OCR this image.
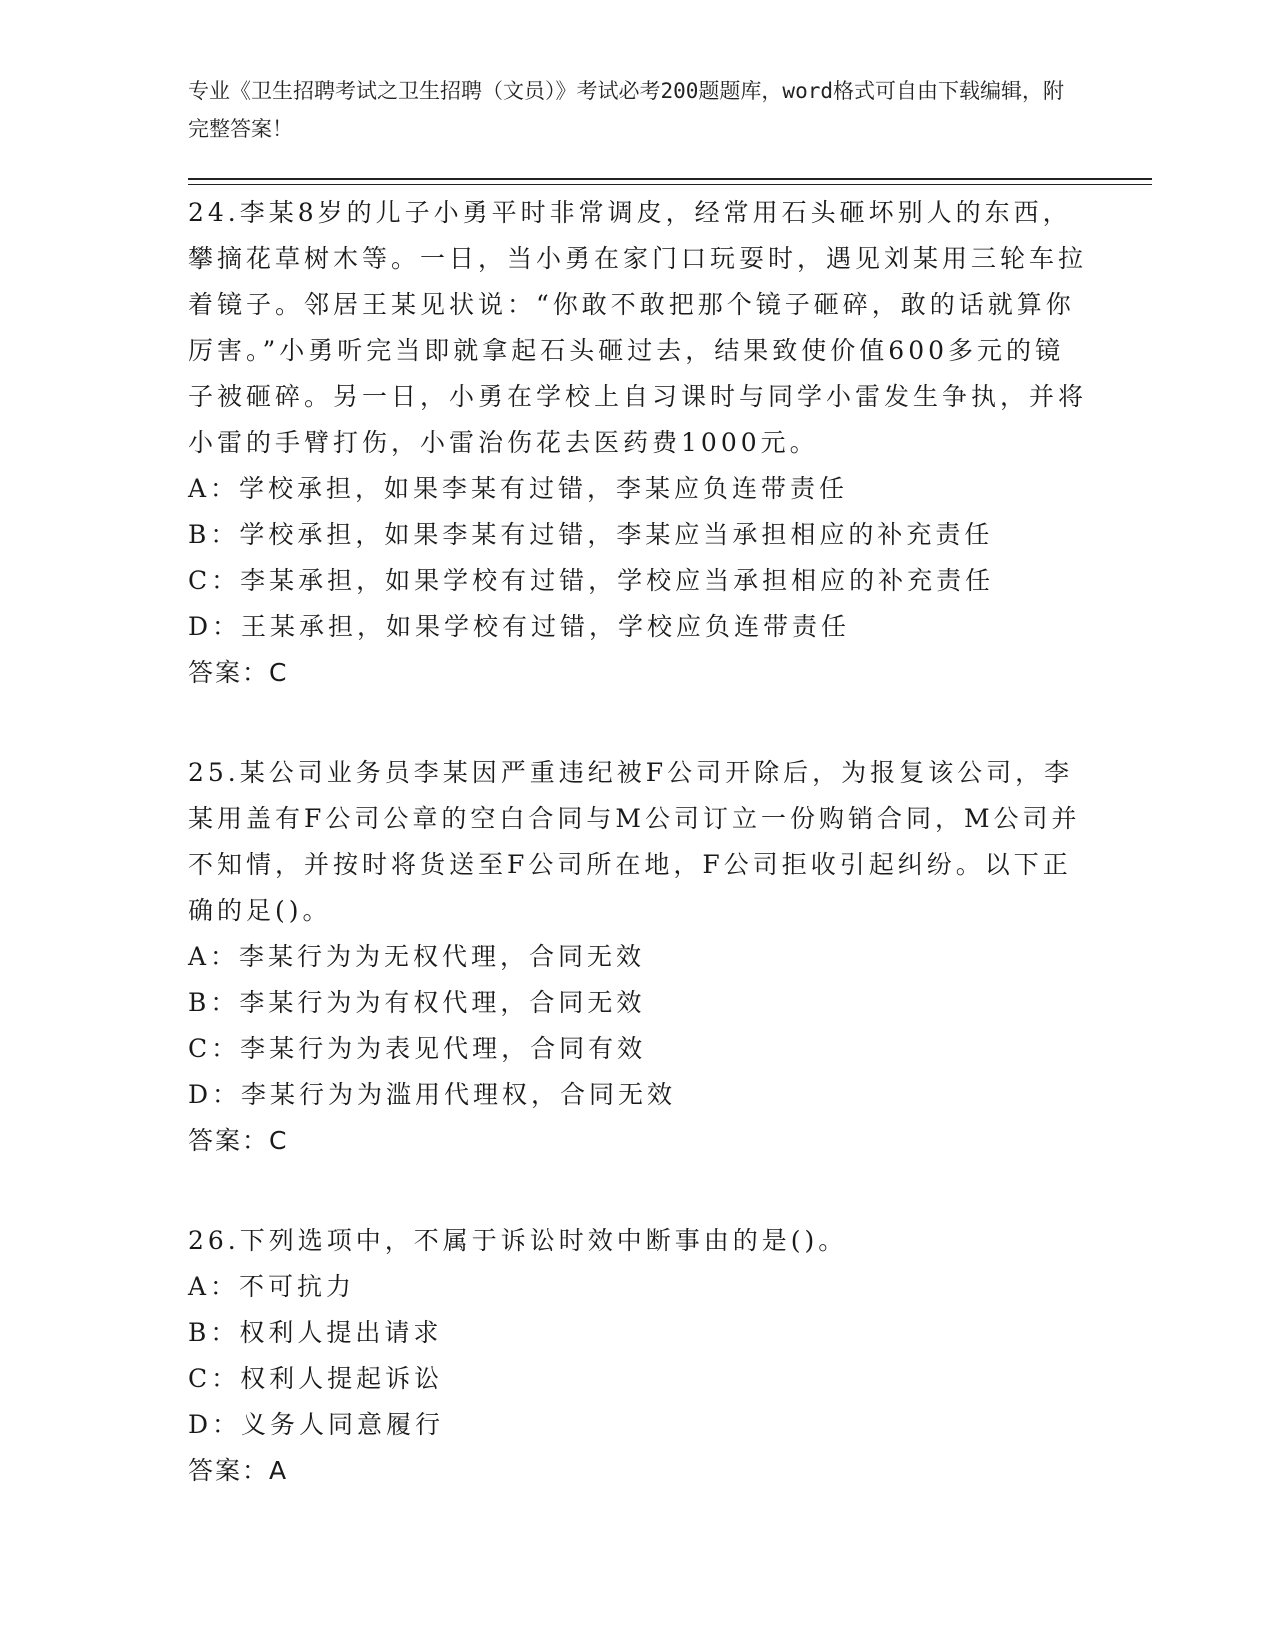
专业《卫生招聘考试之卫生招聘（文员）》考试必考200题题库，word格式可自由下载编辑，附完整答案！
24.李某8岁的儿子小勇平时非常调皮，经常用石头砸坏别人的东西，攀摘花草树木等。一日，当小勇在家门口玩耍时，遇见刘某用三轮车拉着镜子。邻居王某见状说：“你敢不敢把那个镜子砸碎，敢的话就算你厉害。”小勇听完当即就拿起石头砸过去，结果致使价值600多元的镜子被砸碎。另一日，小勇在学校上自习课时与同学小雷发生争执，并将小雷的手臂打伤，小雷治伤花去医药费1000元。
A：学校承担，如果李某有过错，李某应负连带责任
B：学校承担，如果李某有过错，李某应当承担相应的补充责任
C：李某承担，如果学校有过错，学校应当承担相应的补充责任
D：王某承担，如果学校有过错，学校应负连带责任
答案：C
25.某公司业务员李某因严重违纪被F公司开除后，为报复该公司，李某用盖有F公司公章的空白合同与M公司订立一份购销合同，M公司并不知情，并按时将货送至F公司所在地，F公司拒收引起纠纷。以下正确的足()。
A：李某行为为无权代理，合同无效
B：李某行为为有权代理，合同无效
C：李某行为为表见代理，合同有效
D：李某行为为滥用代理权，合同无效
答案：C
26.下列选项中，不属于诉讼时效中断事由的是()。
A：不可抗力
B：权利人提出请求
C：权利人提起诉讼
D：义务人同意履行
答案：A
